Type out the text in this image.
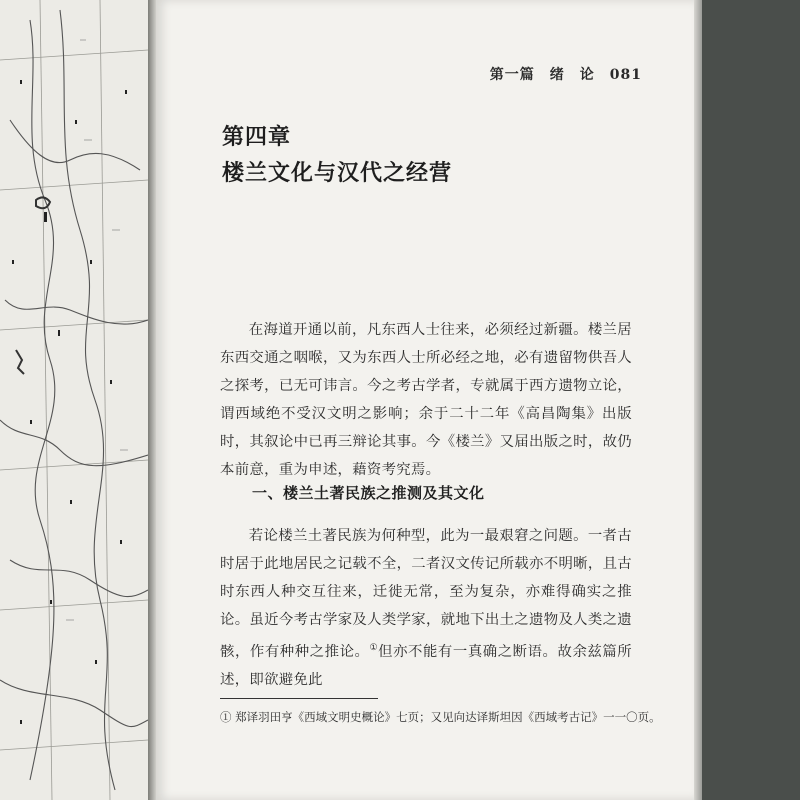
第一篇　绪　论　081
第四章
楼兰文化与汉代之经营
在海道开通以前，凡东西人士往来，必须经过新疆。楼兰居东西交通之咽喉，又为东西人士所必经之地，必有遗留物供吾人之探考，已无可讳言。今之考古学者，专就属于西方遗物立论，谓西域绝不受汉文明之影响；余于二十二年《高昌陶集》出版时，其叙论中已再三辩论其事。今《楼兰》又届出版之时，故仍本前意，重为申述，藉资考究焉。
一、楼兰土著民族之推测及其文化
若论楼兰土著民族为何种型，此为一最艰窘之问题。一者古时居于此地居民之记载不全，二者汉文传记所载亦不明晰，且古时东西人种交互往来，迁徙无常，至为复杂，亦难得确实之推论。虽近今考古学家及人类学家，就地下出土之遗物及人类之遗骸，作有种种之推论。①但亦不能有一真确之断语。故余兹篇所述，即欲避免此
① 郑译羽田亨《西域文明史概论》七页；又见向达译斯坦因《西域考古记》一一〇页。
